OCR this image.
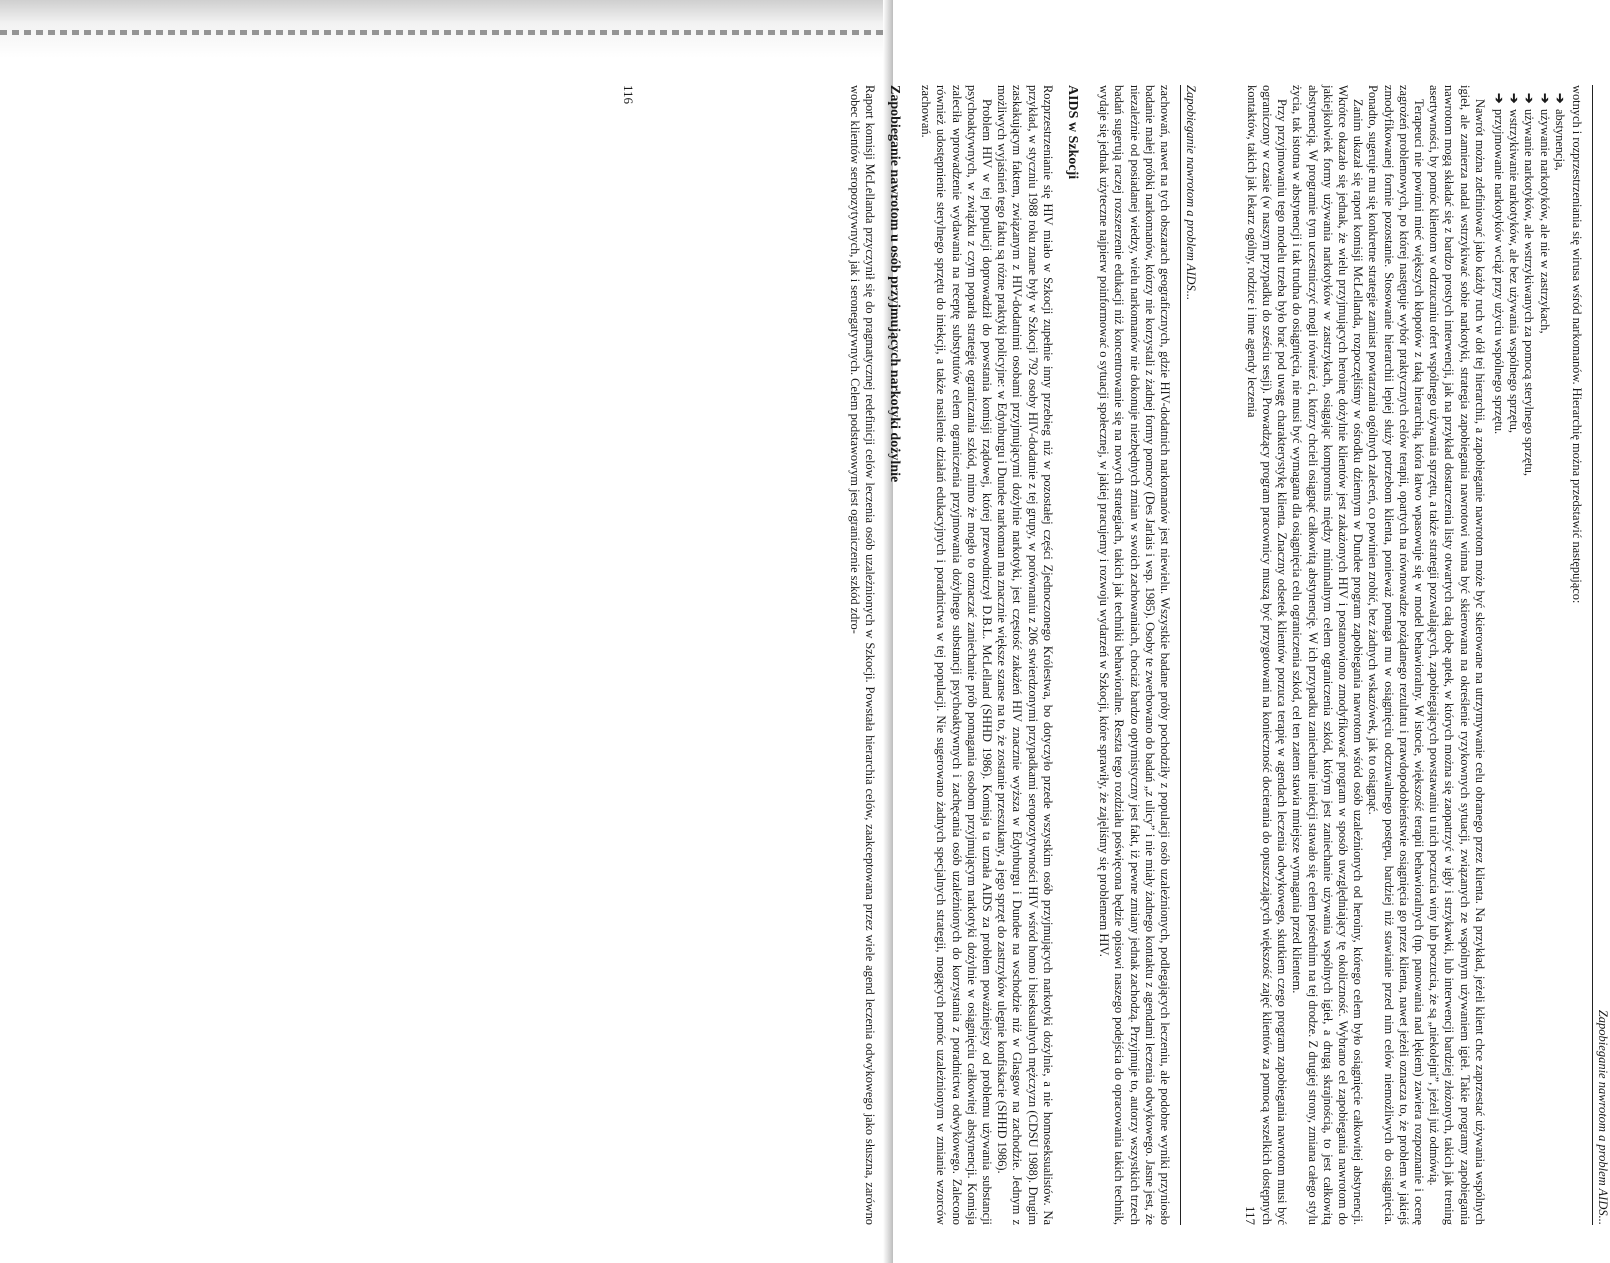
Zapobieganie nawrotom a problem AIDS...

zachowań, nawet na tych obszarach geograficznych, gdzie HIV-dodatnich narkomanów jest niewielu. Wszystkie badane próby pochodziły z populacji osób uzależnionych, podlegających leczeniu, ale podobne wyniki przyniosło badanie małej próbki narkomanów, którzy nie korzystali z żadnej formy pomocy (Des Jarlais i wsp. 1985). Osoby te zwerbowano do badań „z ulicy” i nie miały żadnego kontaktu z agendami leczenia odwykowego. Jasne jest, że niezależnie od posiadanej wiedzy, wielu narkomanów nie dokonuje niezbędnych zmian w swoich zachowaniach, chociaż bardzo optymistyczny jest fakt, iż pewne zmiany jednak zachodzą. Przyjmuje to, autorzy wszystkich trzech badań sugerują raczej rozszerzenie edukacji niż koncentrowanie się na nowych strategiach, takich jak techniki behawioralne. Reszta tego rozdziału poświęcona będzie opisowi naszego podejścia do opracowania takich technik, wydaje się jednak użyteczne najpierw poinformować o sytuacji społecznej, w jakiej pracujemy i rozwoju wydarzeń w Szkocji, które sprawiły, że zajęliśmy się problemem HIV.

AIDS w Szkocji

Rozprzestrzenianie się HIV miało w Szkocji zupełnie inny przebieg niż w pozostałej części Zjednoczonego Królestwa, bo dotyczyło przede wszystkim osób przyjmujących narkotyki dożylnie, a nie homoseksualistów. Na przykład, w styczniu 1988 roku znane były w Szkocji 792 osoby HIV-dodatnie z tej grupy, w porównaniu z 206 stwierdzonymi przypadkami seropozytywności HIV wśród homo i biseksualnych mężczyzn (CDSU 1988). Drugim zaskakującym faktem, związanym z HIV-dodatnimi osobami przyjmującymi dożylnie narkotyki, jest częstość zakażeń HIV znacznie wyższa w Edynburgu i Dundee na wschodzie niż w Glasgow na zachodzie. Jednym z możliwych wyjaśnień tego faktu są różne praktyki policyjne: w Edynburgu i Dundee narkoman ma znacznie większe szanse na to, że zostanie przeszukany, a jego sprzęt do zastrzyków ulegnie konfiskacie (SHHD 1986).

Problem HIV w tej populacji doprowadził do powstania komisji rządowej, której przewodniczył D.B.L. McLelland (SHHD 1986). Komisja ta uznała AIDS za problem poważniejszy od problemu używania substancji psychoaktywnych, w związku z czym poparła strategię ograniczania szkód, mimo że mogło to oznaczać zaniechanie prób pomagania osobom przyjmującym narkotyki dożylnie w osiągnięciu całkowitej abstynencji. Komisja zaleciła wprowadzenie wydawania na receptę substytutów celem ograniczenia przyjmowania dożylnego substancji psychoaktywnych i zachęcania osób uzależnionych do korzystania z poradnictwa odwykowego. Zalecono również udostępnienie sterylnego sprzętu do iniekcji, a także nasilenie działań edukacyjnych i poradnictwa w tej populacji. Nie sugerowano żadnych specjalnych strategii, mogących pomóc uzależnionym w zmianie wzorców zachowań.

Zapobieganie nawrotom u osób przyjmujących narkotyki dożylnie

Raport komisji McLellanda przyczynił się do pragmatycznej redefinicji celów leczenia osób uzależnionych w Szkocji. Powstała hierarchia celów, zaakceptowana przez wiele agend leczenia odwykowego jako słuszna, zarówno wobec klientów seropozytywnych, jak i seronegatywnych. Celem podstawowym jest ograniczenie szkód zdro-

116
Zapobieganie nawrotom a problem AIDS...

wotnych i rozprzestrzeniania się wirusa wśród narkomanów. Hierarchię można przedstawić następująco:

➔abstynencja,
➔używanie narkotyków, ale nie w zastrzykach,
➔używanie narkotyków, ale wstrzykiwanych za pomocą sterylnego sprzętu,
➔wstrzykiwanie narkotyków, ale bez używania wspólnego sprzętu,
➔przyjmowanie narkotyków wciąż przy użyciu wspólnego sprzętu.

Nawrót można zdefiniować jako każdy ruch w dół tej hierarchii, a zapobieganie nawrotom może być skierowane na utrzymywanie celu obranego przez klienta. Na przykład, jeżeli klient chce zaprzestać używania wspólnych igieł, ale zamierza nadal wstrzykiwać sobie narkotyki, strategia zapobiegania nawrotowi winna być skierowana na określenie ryzykownych sytuacji, związanych ze wspólnym używaniem igieł. Takie programy zapobiegania nawrotom mogą składać się z bardzo prostych interwencji, jak na przykład dostarczenia listy otwartych całą dobę aptek, w których można się zaopatrzyć w igły i strzykawki, lub interwencji bardziej złożonych, takich jak trening asertywności, by pomóc klientom w odrzucaniu ofert wspólnego używania sprzętu, a także strategii pozwalających, zapobiegających powstawaniu u nich poczucia winy lub poczucia, że są „niekolejni”, jeżeli już odmówią.

Terapeuci nie powinni mieć większych kłopotów z taką hierarchią, która łatwo wpasowuje się w model behawioralny. W istocie, większość terapii behawioralnych (np. panowania nad lękiem) zawiera rozpoznanie i ocenę zagrożeń problemowych, po której następuje wybór praktycznych celów terapii, opartych na równowadze pożądanego rezultatu i prawdopodobieństwie osiągnięcia go przez klienta, nawet jeżeli oznacza to, że problem w jakiejś zmodyfikowanej formie pozostanie. Stosowanie hierarchii lepiej służy potrzebom klienta, ponieważ pomaga mu w osiągnięciu odczuwalnego postępu, bardziej niż stawianie przed nim celów niemożliwych do osiągnięcia. Ponadto, sugeruje mu się konkretne strategie zamiast powtarzania ogólnych zaleceń, co powinien zrobić, bez żadnych wskazówek, jak to osiągnąć.

Zanim ukazał się raport komisji McLellanda, rozpoczęliśmy w ośrodku dziennym w Dundee program zapobiegania nawrotom wśród osób uzależnionych od heroiny, którego celem było osiągnięcie całkowitej abstynencji. Wkrótce okazało się jednak, że wielu przyjmujących heroinę dożylnie klientów jest zakażonych HIV i postanowiono zmodyfikować program w sposób uwzględniający tę okoliczność. Wybrano cel zapobiegania nawrotom do jakiejkolwiek formy używania narkotyków w zastrzykach, osiągając kompromis między minimalnym celem ograniczenia szkód, którym jest zaniechanie używania wspólnych igieł, a drugą skrajnością, to jest całkowitą abstynencją. W programie tym uczestniczyć mogli również ci, którzy chcieli osiągnąć całkowitą abstynencję. W ich przypadku zaniechanie iniekcji stawało się celem pośrednim na tej drodze. Z drugiej strony, zmiana całego stylu życia, tak istotna w abstynencji i tak trudna do osiągnięcia, nie musi być wymagana dla osiągnięcia celu ograniczenia szkód, cel ten zatem stawia mniejsze wymagania przed klientem.

Przy przyjmowaniu tego modelu trzeba było brać pod uwagę charakterystykę klienta. Znaczny odsetek klientów porzuca terapię w agendach leczenia odwykowego, skutkiem czego program zapobiegania nawrotom musi być ograniczony w czasie (w naszym przypadku do sześciu sesji). Prowadzący program pracownicy muszą być przygotowani na konieczność docierania do opuszczających większość zajęć klientów za pomocą wszelkich dostępnych kontaktów, takich jak lekarz ogólny, rodzice i inne agendy leczenia

117
